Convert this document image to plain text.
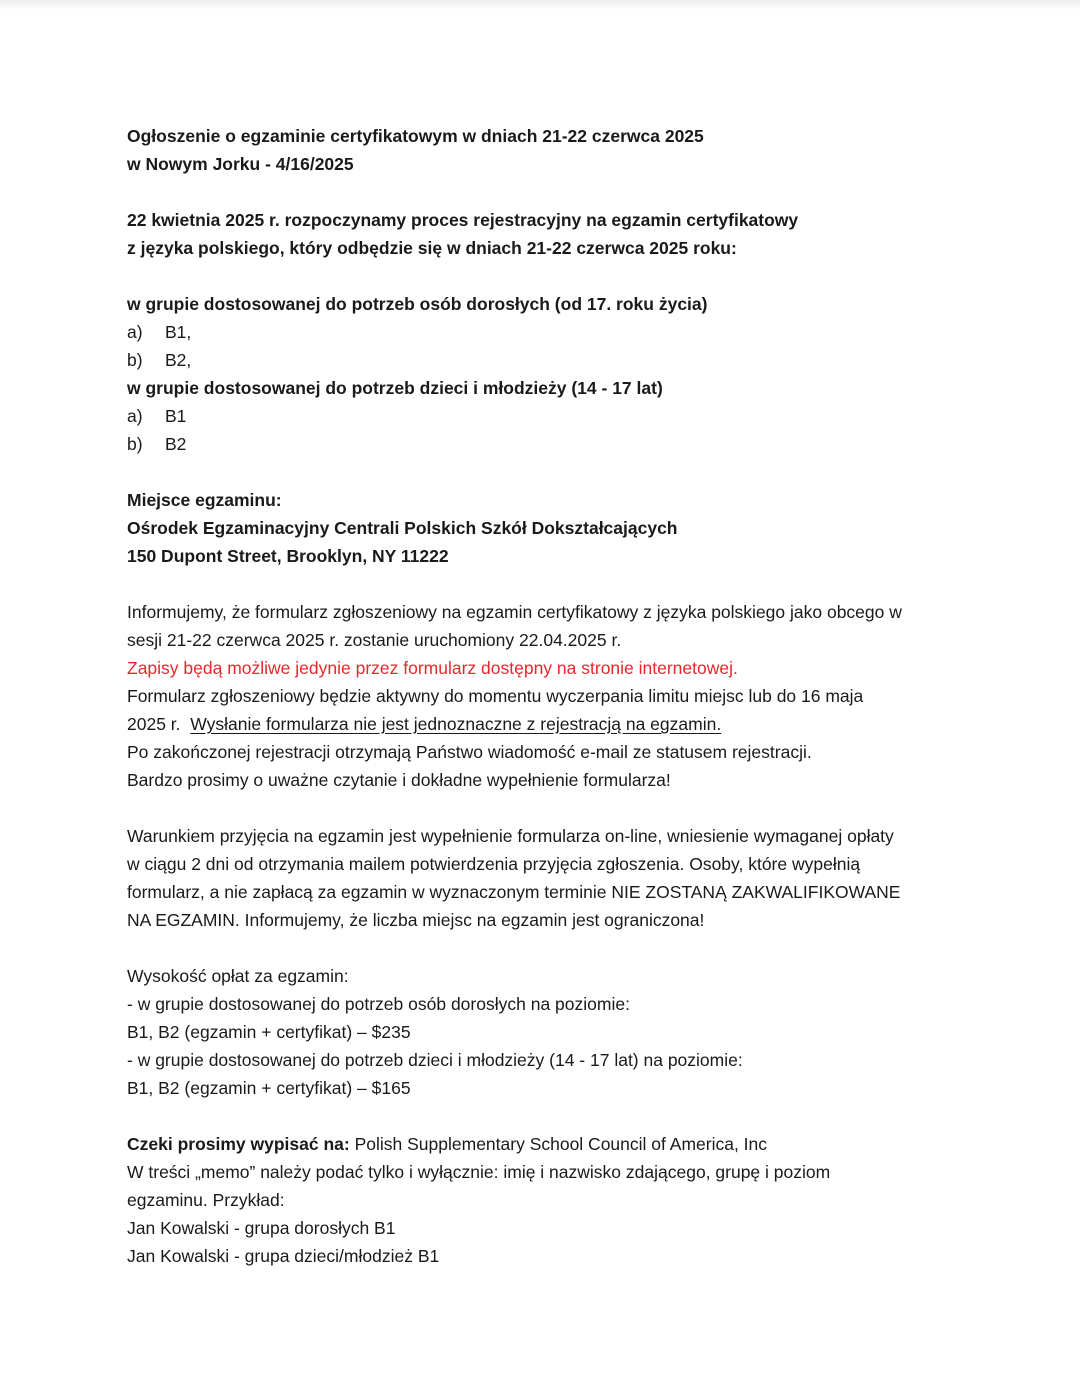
Ogłoszenie o egzaminie certyfikatowym w dniach 21-22 czerwca 2025
w Nowym Jorku - 4/16/2025
22 kwietnia 2025 r. rozpoczynamy proces rejestracyjny na egzamin certyfikatowy
z języka polskiego, który odbędzie się w dniach 21-22 czerwca 2025 roku:
w grupie dostosowanej do potrzeb osób dorosłych (od 17. roku życia)
a)	B1,
b)	B2,
w grupie dostosowanej do potrzeb dzieci i młodzieży (14 - 17 lat)
a)	B1
b)	B2
Miejsce egzaminu:
Ośrodek Egzaminacyjny Centrali Polskich Szkół Dokształcających
150 Dupont Street, Brooklyn, NY 11222
Informujemy, że formularz zgłoszeniowy na egzamin certyfikatowy z języka polskiego jako obcego w
sesji 21-22 czerwca 2025 r. zostanie uruchomiony 22.04.2025 r.
Zapisy będą możliwe jedynie przez formularz dostępny na stronie internetowej.
Formularz zgłoszeniowy będzie aktywny do momentu wyczerpania limitu miejsc lub do 16 maja
2025 r.  Wysłanie formularza nie jest jednoznaczne z rejestracją na egzamin.
Po zakończonej rejestracji otrzymają Państwo wiadomość e-mail ze statusem rejestracji.
Bardzo prosimy o uważne czytanie i dokładne wypełnienie formularza!
Warunkiem przyjęcia na egzamin jest wypełnienie formularza on-line, wniesienie wymaganej opłaty
w ciągu 2 dni od otrzymania mailem potwierdzenia przyjęcia zgłoszenia. Osoby, które wypełnią
formularz, a nie zapłacą za egzamin w wyznaczonym terminie NIE ZOSTANĄ ZAKWALIFIKOWANE
NA EGZAMIN. Informujemy, że liczba miejsc na egzamin jest ograniczona!
Wysokość opłat za egzamin:
- w grupie dostosowanej do potrzeb osób dorosłych na poziomie:
B1, B2 (egzamin + certyfikat) – $235
- w grupie dostosowanej do potrzeb dzieci i młodzieży (14 - 17 lat) na poziomie:
B1, B2 (egzamin + certyfikat) – $165
Czeki prosimy wypisać na: Polish Supplementary School Council of America, Inc
W treści „memo” należy podać tylko i wyłącznie: imię i nazwisko zdającego, grupę i poziom
egzaminu. Przykład:
Jan Kowalski - grupa dorosłych B1
Jan Kowalski - grupa dzieci/młodzież B1
